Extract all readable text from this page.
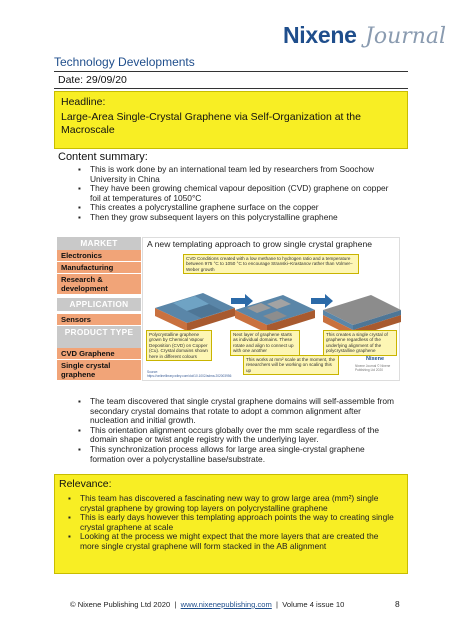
Nixene Journal
Technology Developments
Date: 29/09/20
Headline:
Large-Area Single-Crystal Graphene via Self-Organization at the Macroscale
Content summary:
▪ This is work done by an international team led by researchers from Soochow University in China
▪ They have been growing chemical vapour deposition (CVD) graphene on copper foil at temperatures of 1050°C
▪ This creates a polycrystalline graphene surface on the copper
▪ Then they grow subsequent layers on this polycrystalline graphene
MARKET
Electronics
Manufacturing
Research & development
APPLICATION
Sensors
PRODUCT TYPE
CVD Graphene
Single crystal graphene
A new templating approach to grow single crystal graphene
CVD Conditions created with a low methane to hydrogen ratio and a temperature between 975 °C to 1050 °C to encourage Stranski–Krastanov rather than Volmer–Weber growth
Polycrystalline graphene grown by Chemical Vapour Deposition (CVD) on Copper (Cu). Crystal domains shown here in different colours
Next layer of graphene starts as individual domains. These rotate and align to connect up with one another
This creates a single crystal of graphene regardless of the underlying alignment of the polycrystalline graphene
This works at mm² scale at the moment, the researchers will be working on scaling this up
Nixene
Nixene Journal © Nixene Publishing Ltd 2020
Source: https://onlinelibrary.wiley.com/doi/10.1002/adma.202003956
▪ The team discovered that single crystal graphene domains will self-assemble from secondary crystal domains that rotate to adopt a common alignment after nucleation and initial growth.
▪ This orientation alignment occurs globally over the mm scale regardless of the domain shape or twist angle registry with the underlying layer.
▪ This synchronization process allows for large area single-crystal graphene formation over a polycrystalline base/substrate.
Relevance:
▪ This team has discovered a fascinating new way to grow large area (mm²) single crystal graphene by growing top layers on polycrystalline graphene
▪ This is early days however this templating approach points the way to creating single crystal graphene at scale
▪ Looking at the process we might expect that the more layers that are created the more single crystal graphene will form stacked in the AB alignment
© Nixene Publishing Ltd 2020 | www.nixenepublishing.com | Volume 4 issue 10	8
